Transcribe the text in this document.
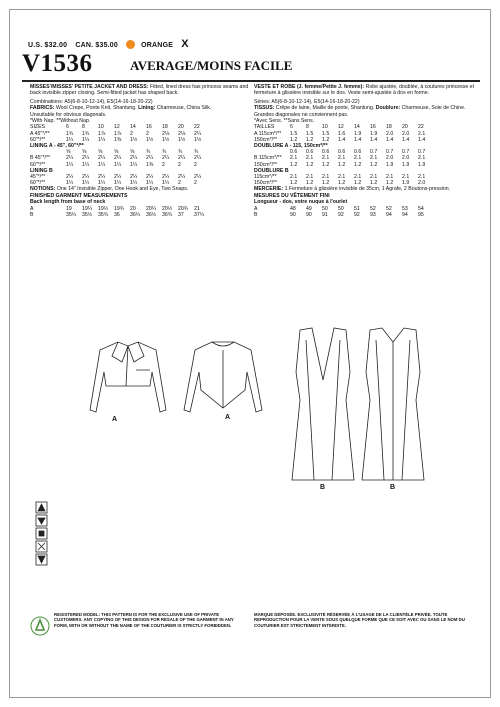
U.S. $32.00 CAN. $35.00	ORANGE X
V1536	AVERAGE/MOINS FACILE

MISSES'/MISSES' PETITE JACKET AND DRESS: Fitted, lined dress has princess seams and back invisible zipper closing. Semi-fitted jacket has shaped back.

Combinations: A5(6-8-10-12-14), E5(14-16-18-20-22)

FABRICS: Wool Crepe, Ponte Knit, Shantung. Lining: Charmeuse, China Silk.

Unsuitable for obvious diagonals.

*With Nap. **Without Nap.

SIZES	6	8	10	12	14	16	18	20	22
A 45"*/**	1¾	1¾	1⅞	1⅞	2	2	2⅛	2⅛	2¼
60"*/**	1¼	1¼	1¼	1⅜	1½	1½	1½	1½	1½
LINING A - 45", 60"*/**									
	⅝	⅝	⅝	⅝	⅝	¾	¾	¾	¾
B 45"*/**	2¼	2¼	2¼	2¼	2¼	2¼	2¼	2¼	2¼
60"*/**	1¼	1¼	1¼	1¼	1¼	1⅜	2	2	2
LINING B									
45"*/**	2¼	2¼	2¼	2¼	2¼	2¼	2¼	2¼	2¼
60"*/**	1¼	1¼	1¼	1¼	1¼	1¼	1¼	2	2

NOTIONS: One 14" Invisible Zipper, One Hook and Eye, Two Snaps.

FINISHED GARMENT MEASUREMENTS

Back length from base of neck

A	19	19¼	19½	19¾	20	20¼	20½	20¾	21
B	35¼	35½	35¾	36	36¼	36½	36¾	37	37¼

VESTE ET ROBE (J. femme/Petite J. femme): Robe ajustée, doublée, à coutures princesse et fermeture à glissière invisible sur le dos. Veste semi-ajustée à dos en forme.

Séries: A5(6-8-10-12-14), E5(14-16-18-20-22)

TISSUS: Crêpe de laine, Maille de ponte, Shantung. Doublure: Charmeuse, Soie de Chine.

Grandes diagonales ne conviennent pas.

*Avec Sens. **Sans Sens.

TAILLES	6	8	10	12	14	16	18	20	22
A 115cm*/**	1.5	1.5	1.5	1.6	1.9	1.9	2.0	2.0	2.1
150cm*/**	1.2	1.2	1.2	1.4	1.4	1.4	1.4	1.4	1.4
DOUBLURE A - 115, 150cm*/**									
	0.6	0.6	0.6	0.6	0.6	0.7	0.7	0.7	0.7
B 115cm*/**	2.1	2.1	2.1	2.1	2.1	2.1	2.0	2.0	2.1
150cm*/**	1.2	1.2	1.2	1.2	1.2	1.2	1.9	1.9	1.9
DOUBLURE B									
115cm*/**	2.1	2.1	2.1	2.1	2.1	2.1	2.1	2.1	2.1
150cm*/**	1.2	1.2	1.2	1.2	1.2	1.2	1.2	1.9	2.0

MERCERIE: 1 Fermeture à glissière invisible de 35cm, 1 Agrafe, 2 Boutons-pression.

MESURES DU VÊTEMENT FINI

Longueur - dos, votre nuque à l'ourlet

A	48	49	50	50	51	52	52	53	54
B	90	90	91	92	92	93	94	94	95
A	A
B	B
REGISTERED MODEL: THIS PATTERN IS FOR THE EXCLUSIVE USE OF PRIVATE CUSTOMERS. ANY COPYING OF THIS DESIGN FOR RESALE OF THE GARMENT IN ANY FORM, WITH OR WITHOUT THE NAME OF THE COUTURIER IS STRICTLY FORBIDDEN.
MARQUE DÉPOSÉE. EXCLUSIVITÉ RÉSERVÉE À L'USAGE DE LA CLIENTÈLE PRIVÉE. TOUTE REPRODUCTION POUR LA VENTE SOUS QUELQUE FORME QUE CE SOIT AVEC OU SANS LE NOM DU COUTURIER EST STRICTEMENT INTERDITE.
